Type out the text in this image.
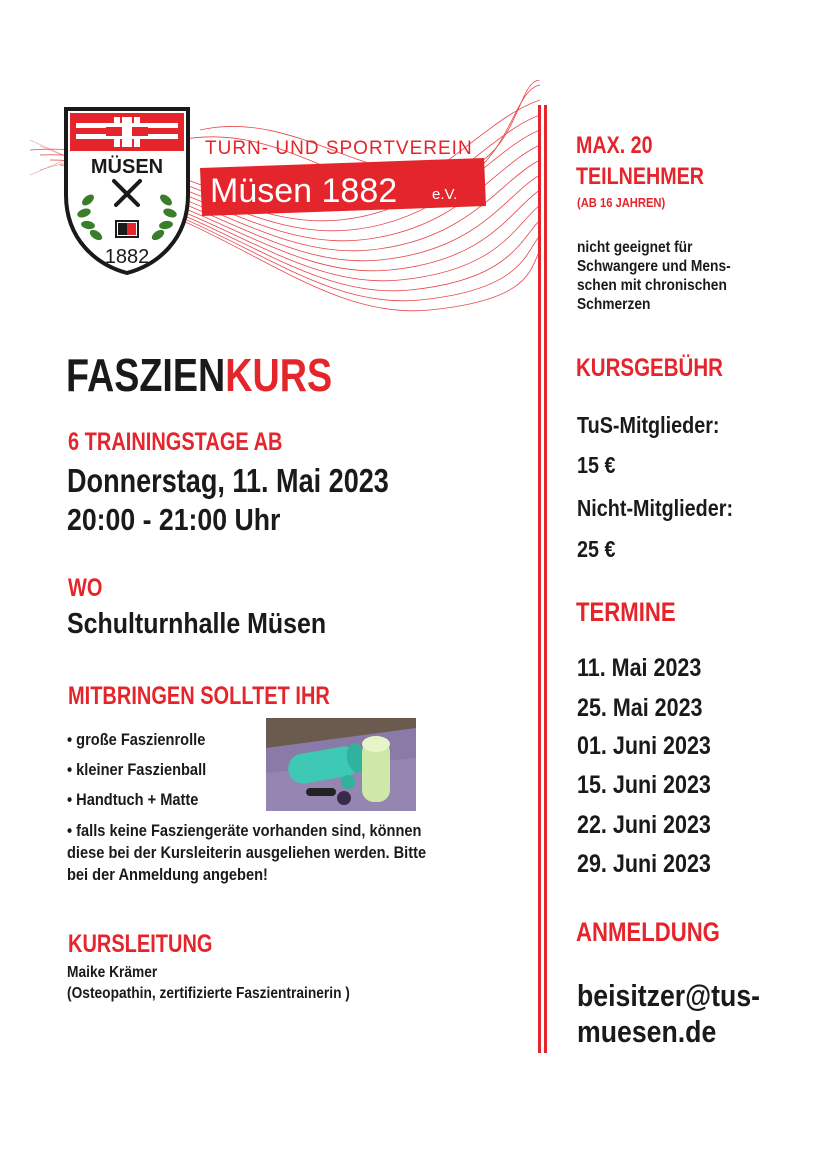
MÜSEN
1882
TURN- UND SPORTVEREIN
Müsen 1882 e.V.
FASZIENKURS
6 TRAININGSTAGE AB
Donnerstag, 11. Mai 2023
20:00 - 21:00 Uhr
WO
Schulturnhalle Müsen
MITBRINGEN SOLLTET IHR
• große Faszienrolle
• kleiner Faszienball
• Handtuch + Matte
• falls keine Fasziengeräte vorhanden sind, können
diese bei der Kursleiterin ausgeliehen werden. Bitte
bei der Anmeldung angeben!
KURSLEITUNG
Maike Krämer
(Osteopathin, zertifizierte Faszientrainerin )
MAX. 20
TEILNEHMER
(AB 16 JAHREN)
nicht geeignet für
Schwangere und Mens-
schen mit chronischen
Schmerzen
KURSGEBÜHR
TuS-Mitglieder:
15 €
Nicht-Mitglieder:
25 €
TERMINE
11. Mai 2023
25. Mai 2023
01. Juni 2023
15. Juni 2023
22. Juni 2023
29. Juni 2023
ANMELDUNG
beisitzer@tus-
muesen.de
